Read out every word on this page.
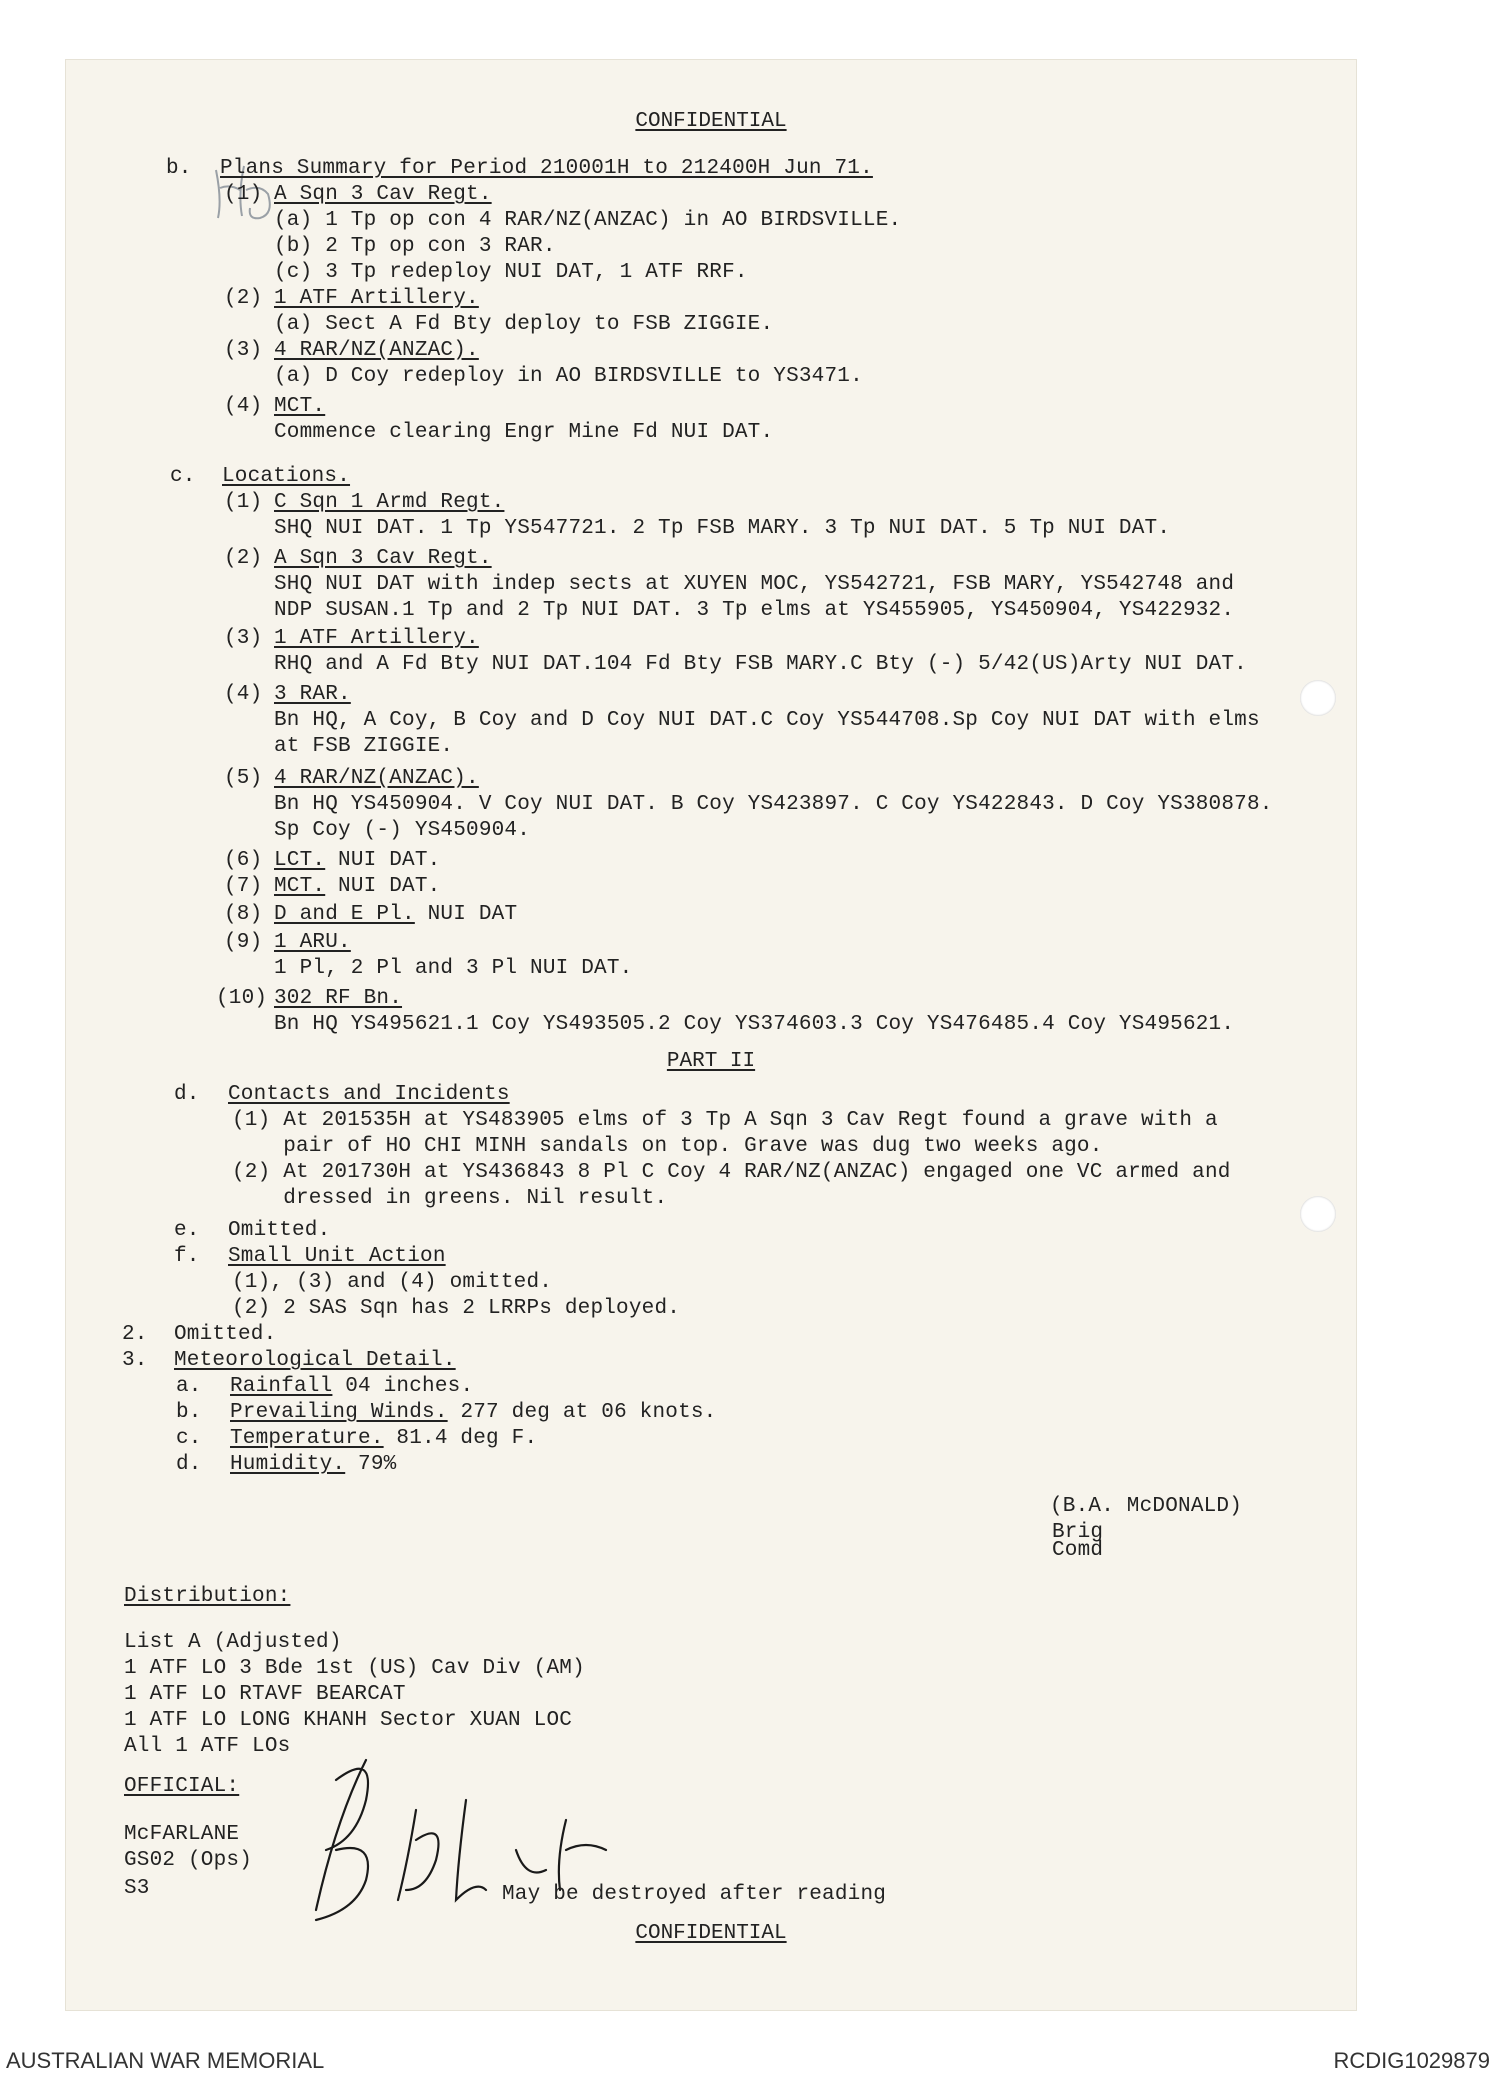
CONFIDENTIAL
b. Plans Summary for Period 210001H to 212400H Jun 71.
(1) A Sqn 3 Cav Regt.
(a) 1 Tp op con 4 RAR/NZ(ANZAC) in AO BIRDSVILLE.
(b) 2 Tp op con 3 RAR.
(c) 3 Tp redeploy NUI DAT, 1 ATF RRF.
(2) 1 ATF Artillery.
(a) Sect A Fd Bty deploy to FSB ZIGGIE.
(3) 4 RAR/NZ(ANZAC).
(a) D Coy redeploy in AO BIRDSVILLE to YS3471.
(4) MCT.
Commence clearing Engr Mine Fd NUI DAT.
c. Locations.
(1) C Sqn 1 Armd Regt.
SHQ NUI DAT. 1 Tp YS547721. 2 Tp FSB MARY. 3 Tp NUI DAT. 5 Tp NUI DAT.
(2) A Sqn 3 Cav Regt.
SHQ NUI DAT with indep sects at XUYEN MOC, YS542721, FSB MARY, YS542748 and
NDP SUSAN.1 Tp and 2 Tp NUI DAT. 3 Tp elms at YS455905, YS450904, YS422932.
(3) 1 ATF Artillery.
RHQ and A Fd Bty NUI DAT.104 Fd Bty FSB MARY.C Bty (-) 5/42(US)Arty NUI DAT.
(4) 3 RAR.
Bn HQ, A Coy, B Coy and D Coy NUI DAT.C Coy YS544708.Sp Coy NUI DAT with elms
at FSB ZIGGIE.
(5) 4 RAR/NZ(ANZAC).
Bn HQ YS450904. V Coy NUI DAT. B Coy YS423897. C Coy YS422843. D Coy YS380878.
Sp Coy (-) YS450904.
(6) LCT. NUI DAT.
(7) MCT. NUI DAT.
(8) D and E Pl. NUI DAT
(9) 1 ARU.
1 Pl, 2 Pl and 3 Pl NUI DAT.
(10) 302 RF Bn.
Bn HQ YS495621.1 Coy YS493505.2 Coy YS374603.3 Coy YS476485.4 Coy YS495621.
PART II
d. Contacts and Incidents
(1) At 201535H at YS483905 elms of 3 Tp A Sqn 3 Cav Regt found a grave with a
pair of HO CHI MINH sandals on top. Grave was dug two weeks ago.
(2) At 201730H at YS436843 8 Pl C Coy 4 RAR/NZ(ANZAC) engaged one VC armed and
dressed in greens. Nil result.
e. Omitted.
f. Small Unit Action
(1), (3) and (4) omitted.
(2) 2 SAS Sqn has 2 LRRPs deployed.
2. Omitted.
3. Meteorological Detail.
a. Rainfall 04 inches.
b. Prevailing Winds. 277 deg at 06 knots.
c. Temperature. 81.4 deg F.
d. Humidity. 79%
(B.A. McDONALD)
Brig
Comd
Distribution:
List A (Adjusted)
1 ATF LO 3 Bde 1st (US) Cav Div (AM)
1 ATF LO RTAVF BEARCAT
1 ATF LO LONG KHANH Sector XUAN LOC
All 1 ATF LOs
OFFICIAL:
McFARLANE
GS02 (Ops)
S3	May be destroyed after reading
CONFIDENTIAL
AUSTRALIAN WAR MEMORIAL	RCDIG1029879
